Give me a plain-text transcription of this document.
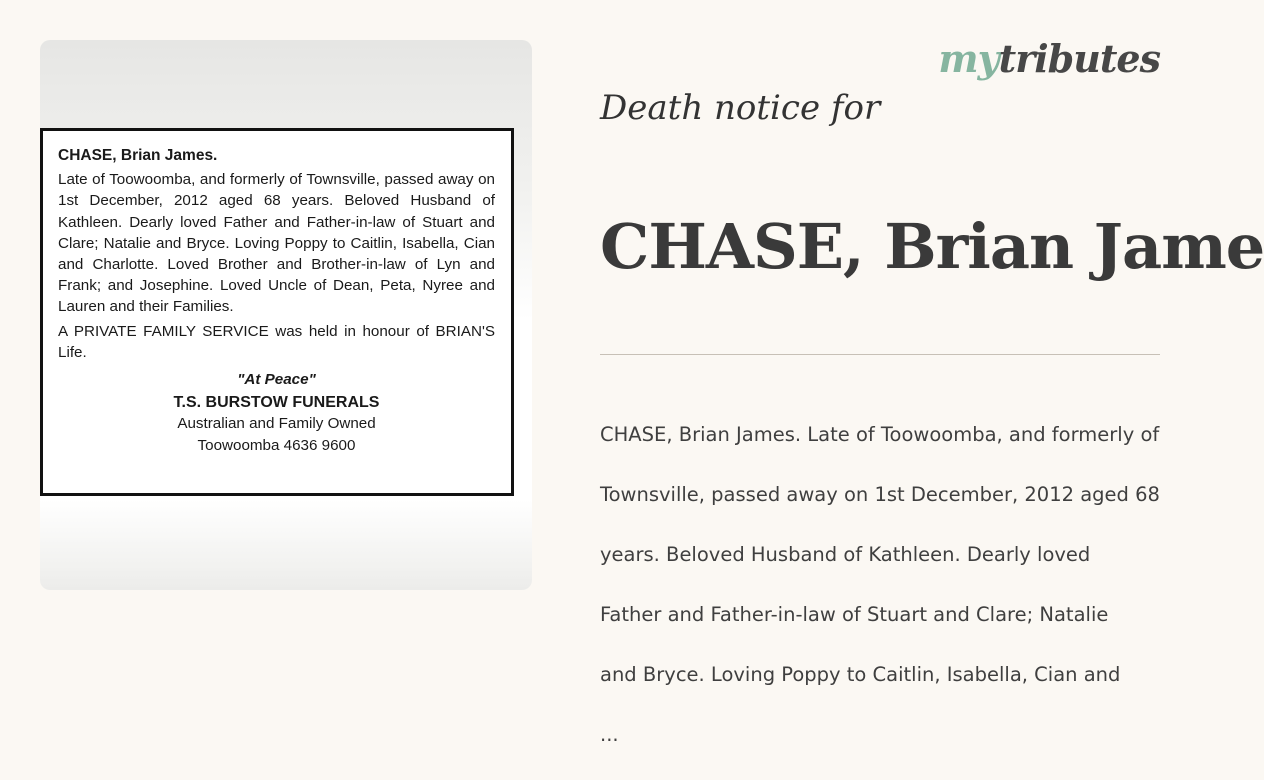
CHASE, Brian James.

Late of Toowoomba, and formerly of Townsville, passed away on 1st December, 2012 aged 68 years. Beloved Husband of Kathleen. Dearly loved Father and Father-in-law of Stuart and Clare; Natalie and Bryce. Loving Poppy to Caitlin, Isabella, Cian and Charlotte. Loved Brother and Brother-in-law of Lyn and Frank; and Josephine. Loved Uncle of Dean, Peta, Nyree and Lauren and their Families.

A PRIVATE FAMILY SERVICE was held in honour of BRIAN'S Life.

"At Peace"
T.S. BURSTOW FUNERALS
Australian and Family Owned
Toowoomba 4636 9600
mytributes
Death notice for
CHASE, Brian Jame

CHASE, Brian James. Late of Toowoomba, and formerly of

Townsville, passed away on 1st December, 2012 aged 68

years. Beloved Husband of Kathleen. Dearly loved

Father and Father-in-law of Stuart and Clare; Natalie

and Bryce. Loving Poppy to Caitlin, Isabella, Cian and

...
